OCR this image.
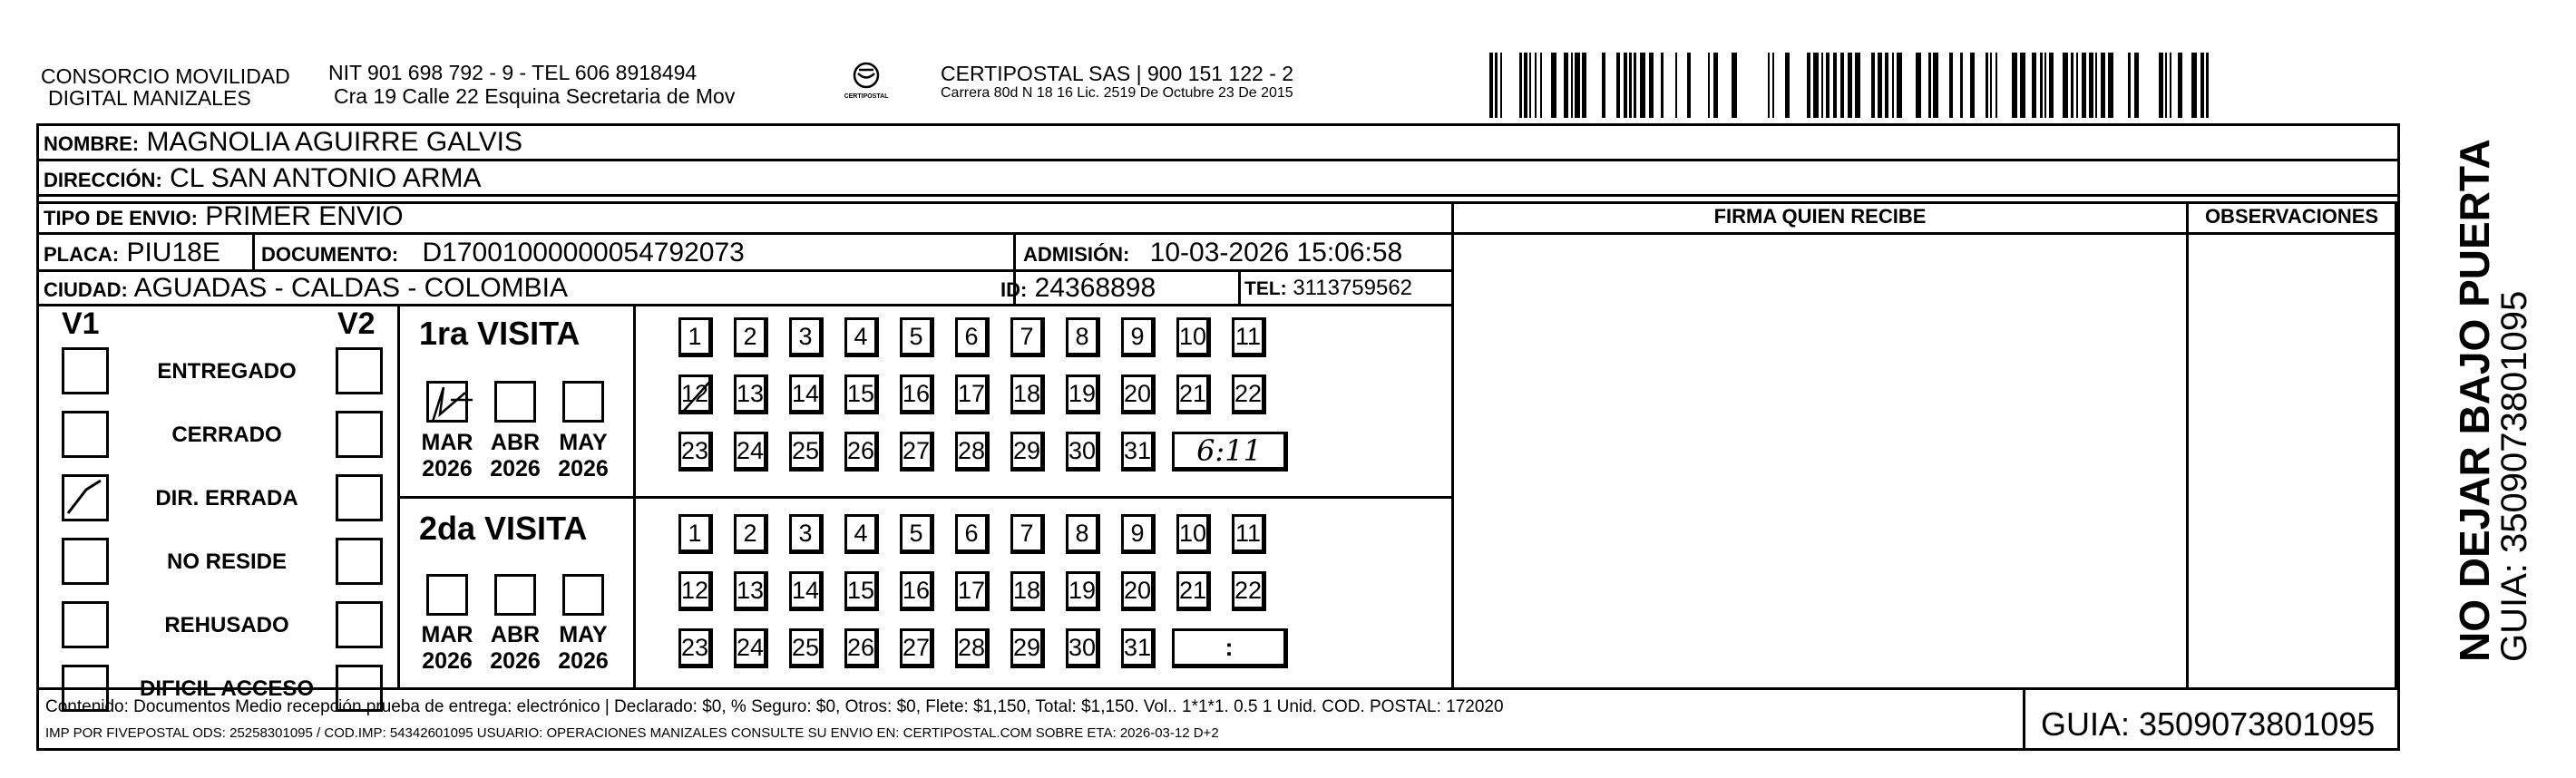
CONSORCIO MOVILIDAD
DIGITAL MANIZALES
NIT 901 698 792 - 9 - TEL 606 8918494
Cra 19 Calle 22 Esquina Secretaria de Mov	CERTIPOSTAL
CERTIPOSTAL SAS | 900 151 122 - 2
Carrera 80d N 18 16 Lic. 2519 De Octubre 23 De 2015
NOMBRE: MAGNOLIA AGUIRRE GALVIS
DIRECCIÓN: CL SAN ANTONIO ARMA
TIPO DE ENVIO: PRIMER ENVIO	FIRMA QUIEN RECIBE	OBSERVACIONES
PLACA: PIU18E DOCUMENTO: D17001000000054792073	ADMISIÓN: 10-03-2026 15:06:58
CIUDAD: AGUADAS - CALDAS - COLOMBIA	ID: 24368898	TEL: 3113759562
V1	V2
ENTREGADO
CERRADO
DIR. ERRADA
NO RESIDE
REHUSADO
DIFICIL ACCESO
1ra VISITA
MAR
2026
ABR
2026
MAY
2026
1 2 3 4 5 6 7 8 9 10 11
12 13 14 15 16 17 18 19 20 21 22
23 24 25 26 27 28 29 30 31 6:11
2da VISITA
MAR
2026
ABR
2026
MAY
2026
1 2 3 4 5 6 7 8 9 10 11
12 13 14 15 16 17 18 19 20 21 22
23 24 25 26 27 28 29 30 31	:
Contenido: Documentos Medio recepción prueba de entrega: electrónico | Declarado: $0, % Seguro: $0, Otros: $0, Flete: $1,150, Total: $1,150. Vol.. 1*1*1. 0.5 1 Unid. COD. POSTAL: 172020
IMP POR FIVEPOSTAL ODS: 25258301095 / COD.IMP: 54342601095 USUARIO: OPERACIONES MANIZALES CONSULTE SU ENVIO EN: CERTIPOSTAL.COM SOBRE ETA: 2026-03-12 D+2	GUIA: 3509073801095
NO DEJAR BAJO PUERTA
GUIA: 3509073801095
